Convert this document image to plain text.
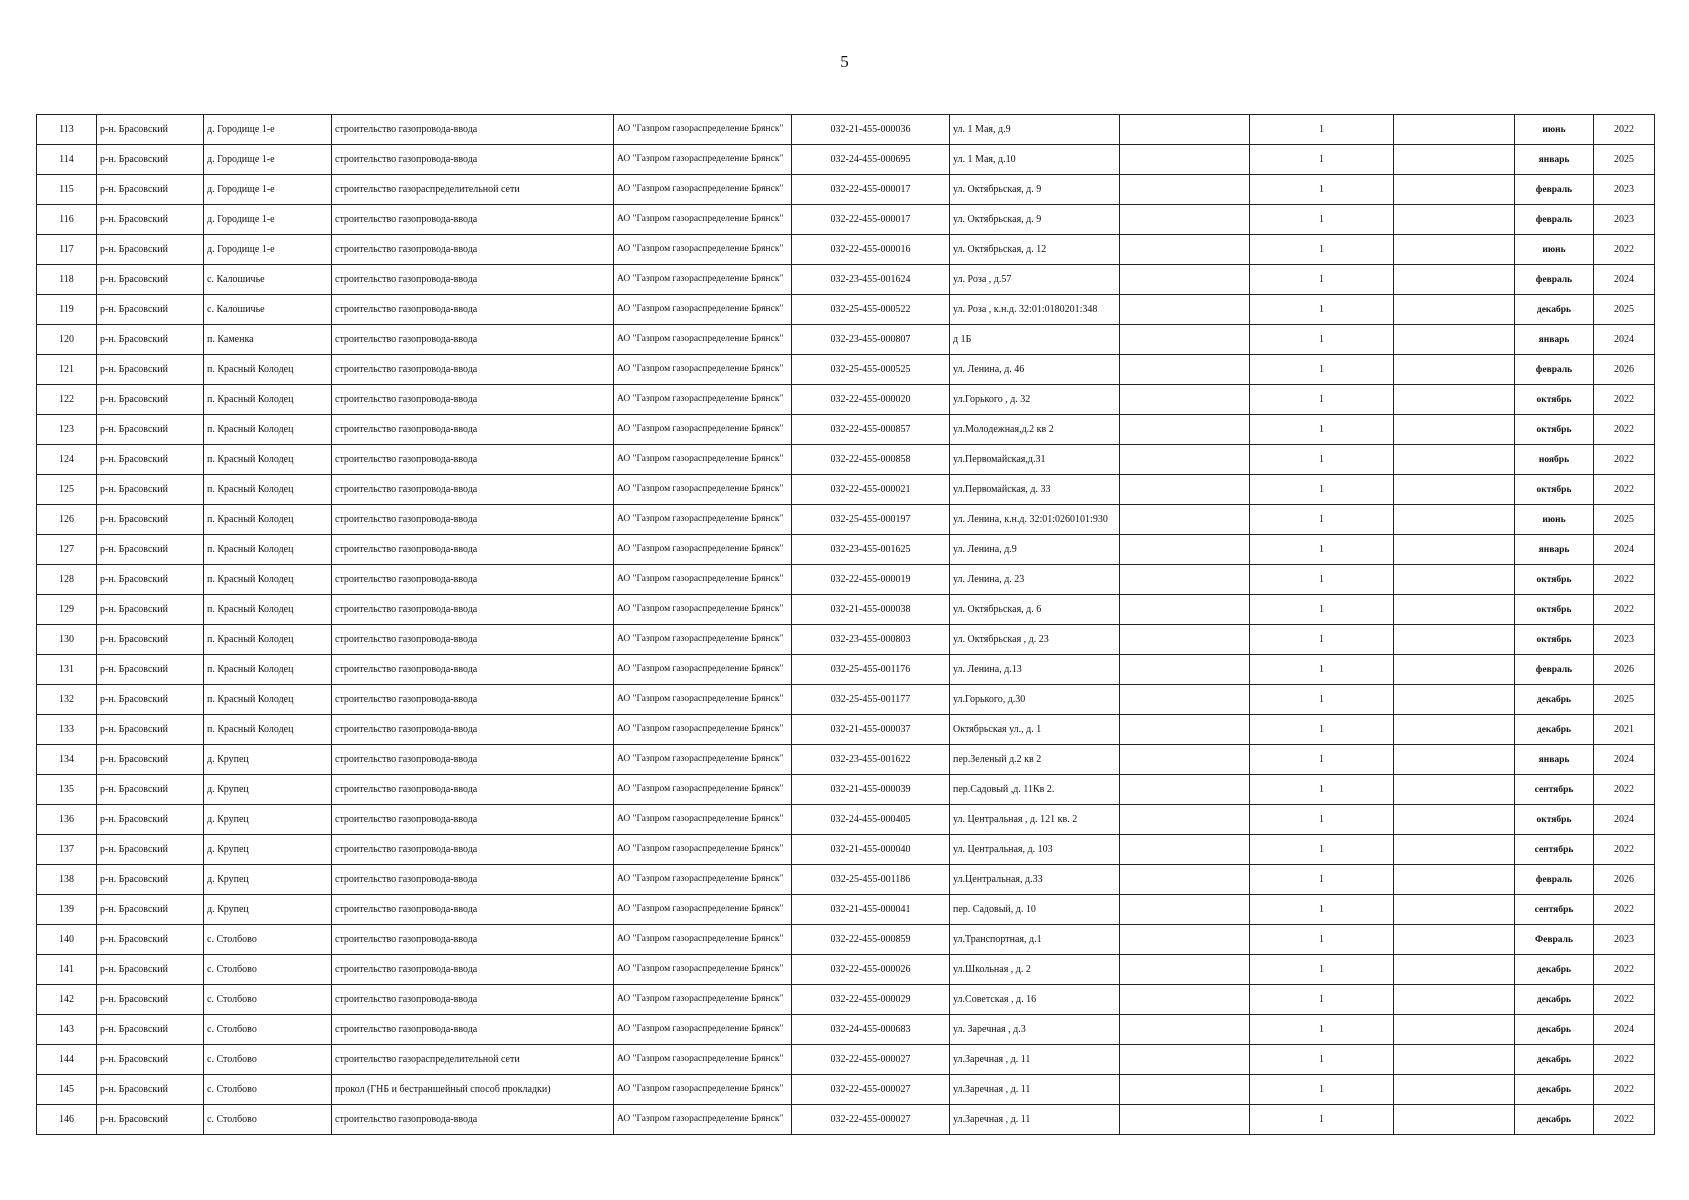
5
113	р-н. Брасовский	д. Городище 1-е	строительство газопровода-ввода	АО "Газпром газораспределение Брянск"	032-21-455-000036	ул. 1 Мая, д.9		1		июнь	2022
114	р-н. Брасовский	д. Городище 1-е	строительство газопровода-ввода	АО "Газпром газораспределение Брянск"	032-24-455-000695	ул. 1 Мая, д.10		1		январь	2025
115	р-н. Брасовский	д. Городище 1-е	строительство газораспределительной сети	АО "Газпром газораспределение Брянск"	032-22-455-000017	ул. Октябрьская, д. 9		1		февраль	2023
116	р-н. Брасовский	д. Городище 1-е	строительство газопровода-ввода	АО "Газпром газораспределение Брянск"	032-22-455-000017	ул. Октябрьская, д. 9		1		февраль	2023
117	р-н. Брасовский	д. Городище 1-е	строительство газопровода-ввода	АО "Газпром газораспределение Брянск"	032-22-455-000016	ул. Октябрьская, д. 12		1		июнь	2022
118	р-н. Брасовский	с. Калошичье	строительство газопровода-ввода	АО "Газпром газораспределение Брянск"	032-23-455-001624	ул. Роза , д.57		1		февраль	2024
119	р-н. Брасовский	с. Калошичье	строительство газопровода-ввода	АО "Газпром газораспределение Брянск"	032-25-455-000522	ул. Роза , к.н.д. 32:01:0180201:348		1		декабрь	2025
120	р-н. Брасовский	п. Каменка	строительство газопровода-ввода	АО "Газпром газораспределение Брянск"	032-23-455-000807	д 1Б		1		январь	2024
121	р-н. Брасовский	п. Красный Колодец	строительство газопровода-ввода	АО "Газпром газораспределение Брянск"	032-25-455-000525	ул. Ленина, д. 46		1		февраль	2026
122	р-н. Брасовский	п. Красный Колодец	строительство газопровода-ввода	АО "Газпром газораспределение Брянск"	032-22-455-000020	ул.Горького , д. 32		1		октябрь	2022
123	р-н. Брасовский	п. Красный Колодец	строительство газопровода-ввода	АО "Газпром газораспределение Брянск"	032-22-455-000857	ул.Молодежная,д.2 кв 2		1		октябрь	2022
124	р-н. Брасовский	п. Красный Колодец	строительство газопровода-ввода	АО "Газпром газораспределение Брянск"	032-22-455-000858	ул.Первомайская,д.31		1		ноябрь	2022
125	р-н. Брасовский	п. Красный Колодец	строительство газопровода-ввода	АО "Газпром газораспределение Брянск"	032-22-455-000021	ул.Первомайская, д. 33		1		октябрь	2022
126	р-н. Брасовский	п. Красный Колодец	строительство газопровода-ввода	АО "Газпром газораспределение Брянск"	032-25-455-000197	ул. Ленина, к.н.д. 32:01:0260101:930		1		июнь	2025
127	р-н. Брасовский	п. Красный Колодец	строительство газопровода-ввода	АО "Газпром газораспределение Брянск"	032-23-455-001625	ул. Ленина, д.9		1		январь	2024
128	р-н. Брасовский	п. Красный Колодец	строительство газопровода-ввода	АО "Газпром газораспределение Брянск"	032-22-455-000019	ул. Ленина, д. 23		1		октябрь	2022
129	р-н. Брасовский	п. Красный Колодец	строительство газопровода-ввода	АО "Газпром газораспределение Брянск"	032-21-455-000038	ул. Октябрьская, д. 6		1		октябрь	2022
130	р-н. Брасовский	п. Красный Колодец	строительство газопровода-ввода	АО "Газпром газораспределение Брянск"	032-23-455-000803	ул. Октябрьская , д. 23		1		октябрь	2023
131	р-н. Брасовский	п. Красный Колодец	строительство газопровода-ввода	АО "Газпром газораспределение Брянск"	032-25-455-001176	ул. Ленина, д.13		1		февраль	2026
132	р-н. Брасовский	п. Красный Колодец	строительство газопровода-ввода	АО "Газпром газораспределение Брянск"	032-25-455-001177	ул.Горького, д.30		1		декабрь	2025
133	р-н. Брасовский	п. Красный Колодец	строительство газопровода-ввода	АО "Газпром газораспределение Брянск"	032-21-455-000037	Октябрьская ул., д. 1		1		декабрь	2021
134	р-н. Брасовский	д. Крупец	строительство газопровода-ввода	АО "Газпром газораспределение Брянск"	032-23-455-001622	пер.Зеленый д.2 кв 2		1		январь	2024
135	р-н. Брасовский	д. Крупец	строительство газопровода-ввода	АО "Газпром газораспределение Брянск"	032-21-455-000039	пер.Садовый ,д. 11Кв 2.		1		сентябрь	2022
136	р-н. Брасовский	д. Крупец	строительство газопровода-ввода	АО "Газпром газораспределение Брянск"	032-24-455-000405	ул. Центральная , д. 121 кв. 2		1		октябрь	2024
137	р-н. Брасовский	д. Крупец	строительство газопровода-ввода	АО "Газпром газораспределение Брянск"	032-21-455-000040	ул. Центральная, д. 103		1		сентябрь	2022
138	р-н. Брасовский	д. Крупец	строительство газопровода-ввода	АО "Газпром газораспределение Брянск"	032-25-455-001186	ул.Центральная, д.33		1		февраль	2026
139	р-н. Брасовский	д. Крупец	строительство газопровода-ввода	АО "Газпром газораспределение Брянск"	032-21-455-000041	пер. Садовый, д. 10		1		сентябрь	2022
140	р-н. Брасовский	с. Столбово	строительство газопровода-ввода	АО "Газпром газораспределение Брянск"	032-22-455-000859	ул.Транспортная, д.1		1		Февраль	2023
141	р-н. Брасовский	с. Столбово	строительство газопровода-ввода	АО "Газпром газораспределение Брянск"	032-22-455-000026	ул.Школьная , д. 2		1		декабрь	2022
142	р-н. Брасовский	с. Столбово	строительство газопровода-ввода	АО "Газпром газораспределение Брянск"	032-22-455-000029	ул.Советская , д. 16		1		декабрь	2022
143	р-н. Брасовский	с. Столбово	строительство газопровода-ввода	АО "Газпром газораспределение Брянск"	032-24-455-000683	ул. Заречная , д.3		1		декабрь	2024
144	р-н. Брасовский	с. Столбово	строительство газораспределительной сети	АО "Газпром газораспределение Брянск"	032-22-455-000027	ул.Заречная , д. 11		1		декабрь	2022
145	р-н. Брасовский	с. Столбово	прокол (ГНБ и бестраншейный способ прокладки)	АО "Газпром газораспределение Брянск"	032-22-455-000027	ул.Заречная , д. 11		1		декабрь	2022
146	р-н. Брасовский	с. Столбово	строительство газопровода-ввода	АО "Газпром газораспределение Брянск"	032-22-455-000027	ул.Заречная , д. 11		1		декабрь	2022
